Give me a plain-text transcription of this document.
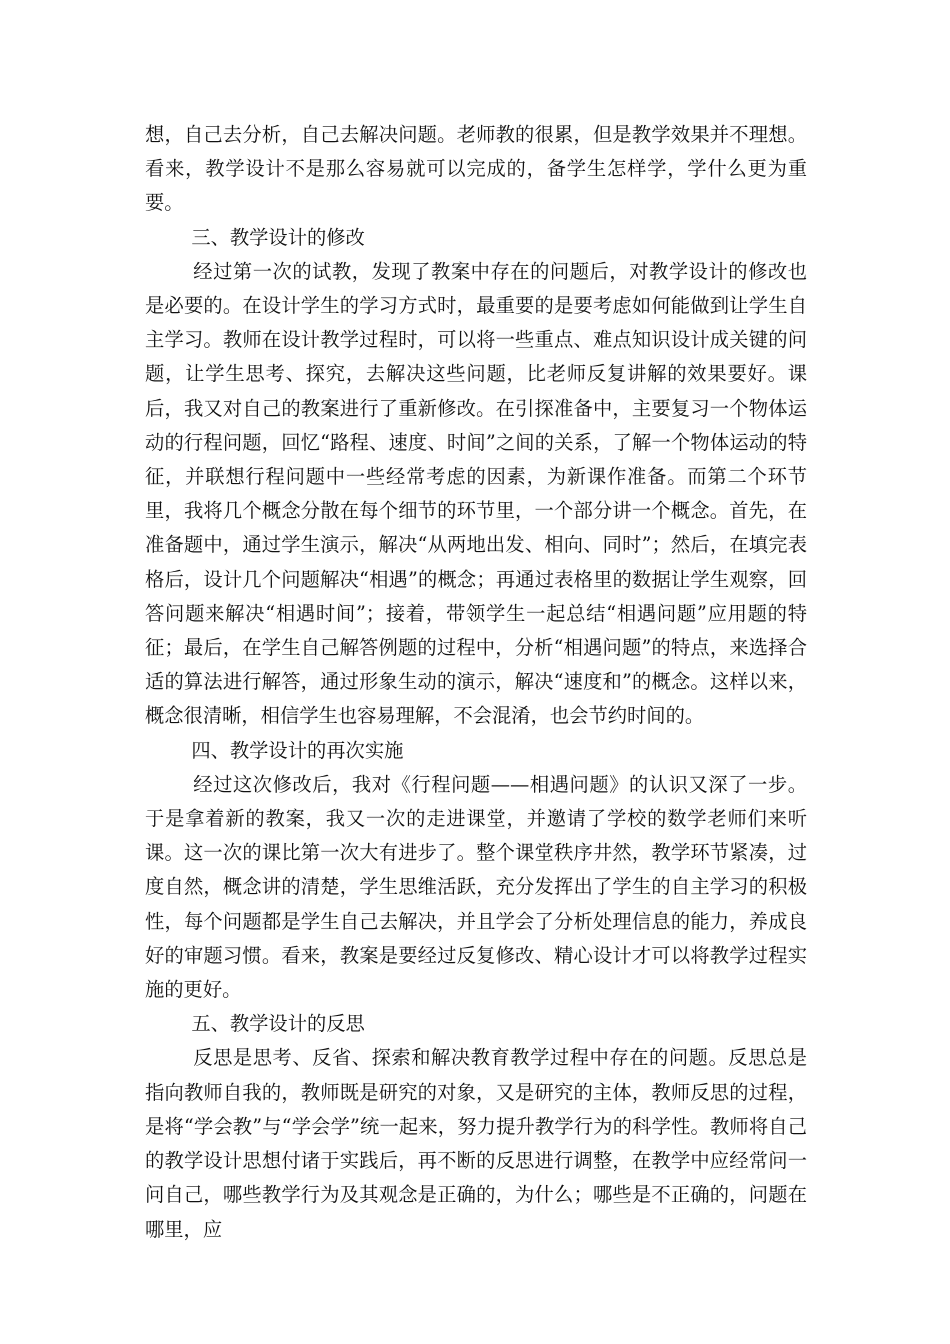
想，自己去分析，自己去解决问题。老师教的很累，但是教学效果并不理想。看来，教学设计不是那么容易就可以完成的，备学生怎样学，学什么更为重要。

三、教学设计的修改

经过第一次的试教，发现了教案中存在的问题后，对教学设计的修改也是必要的。在设计学生的学习方式时，最重要的是要考虑如何能做到让学生自主学习。教师在设计教学过程时，可以将一些重点、难点知识设计成关键的问题，让学生思考、探究，去解决这些问题，比老师反复讲解的效果要好。课后，我又对自己的教案进行了重新修改。在引探准备中，主要复习一个物体运动的行程问题，回忆“路程、速度、时间”之间的关系，了解一个物体运动的特征，并联想行程问题中一些经常考虑的因素，为新课作准备。而第二个环节里，我将几个概念分散在每个细节的环节里，一个部分讲一个概念。首先，在准备题中，通过学生演示，解决“从两地出发、相向、同时”；然后，在填完表格后，设计几个问题解决“相遇”的概念；再通过表格里的数据让学生观察，回答问题来解决“相遇时间”；接着，带领学生一起总结“相遇问题”应用题的特征；最后，在学生自己解答例题的过程中，分析“相遇问题”的特点，来选择合适的算法进行解答，通过形象生动的演示，解决“速度和”的概念。这样以来，概念很清晰，相信学生也容易理解，不会混淆，也会节约时间的。

四、教学设计的再次实施

经过这次修改后，我对《行程问题——相遇问题》的认识又深了一步。于是拿着新的教案，我又一次的走进课堂，并邀请了学校的数学老师们来听课。这一次的课比第一次大有进步了。整个课堂秩序井然，教学环节紧凑，过度自然，概念讲的清楚，学生思维活跃，充分发挥出了学生的自主学习的积极性，每个问题都是学生自己去解决，并且学会了分析处理信息的能力，养成良好的审题习惯。看来，教案是要经过反复修改、精心设计才可以将教学过程实施的更好。

五、教学设计的反思

反思是思考、反省、探索和解决教育教学过程中存在的问题。反思总是指向教师自我的，教师既是研究的对象，又是研究的主体，教师反思的过程，是将“学会教”与“学会学”统一起来，努力提升教学行为的科学性。教师将自己的教学设计思想付诸于实践后，再不断的反思进行调整，在教学中应经常问一问自己，哪些教学行为及其观念是正确的，为什么；哪些是不正确的，问题在哪里，应
